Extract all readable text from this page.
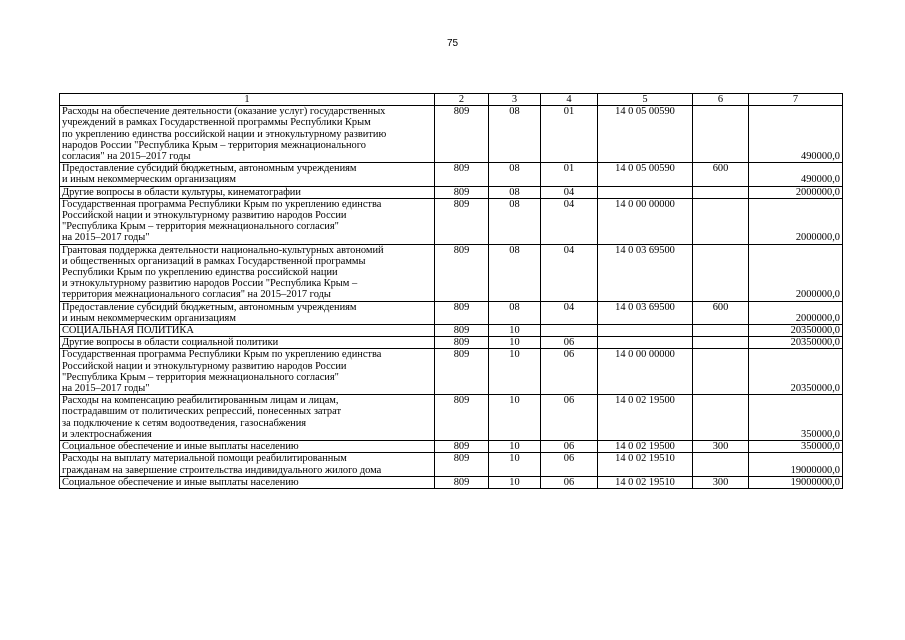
75
1	2	3	4	5	6	7

Расходы на обеспечение деятельности (оказание услуг) государственных
учреждений в рамках Государственной программы Республики Крым
по укреплению единства российской нации и этнокультурному развитию
народов России "Республика Крым – территория межнационального
согласия" на 2015–2017 годы	809	08	01	14 0 05 00590		490000,0

Предоставление субсидий бюджетным, автономным учреждениям
и иным некоммерческим организациям	809	08	01	14 0 05 00590	600	490000,0

Другие вопросы в области культуры, кинематографии	809	08	04			2000000,0

Государственная программа Республики Крым по укреплению единства
Российской нации и этнокультурному развитию народов России
"Республика Крым – территория межнационального согласия"
на 2015–2017 годы"	809	08	04	14 0 00 00000		2000000,0

Грантовая поддержка деятельности национально-культурных автономий
и общественных организаций в рамках Государственной программы
Республики Крым по укреплению единства российской нации
и этнокультурному развитию народов России "Республика Крым –
территория межнационального согласия" на 2015–2017 годы	809	08	04	14 0 03 69500		2000000,0

Предоставление субсидий бюджетным, автономным учреждениям
и иным некоммерческим организациям	809	08	04	14 0 03 69500	600	2000000,0

СОЦИАЛЬНАЯ ПОЛИТИКА	809	10				20350000,0

Другие вопросы в области социальной политики	809	10	06			20350000,0

Государственная программа Республики Крым по укреплению единства
Российской нации и этнокультурному развитию народов России
"Республика Крым – территория межнационального согласия"
на 2015–2017 годы"	809	10	06	14 0 00 00000		20350000,0

Расходы на компенсацию реабилитированным лицам и лицам,
пострадавшим от политических репрессий, понесенных затрат
за подключение к сетям водоотведения, газоснабжения
и электроснабжения	809	10	06	14 0 02 19500		350000,0

Социальное обеспечение и иные выплаты населению	809	10	06	14 0 02 19500	300	350000,0

Расходы на выплату материальной помощи реабилитированным
гражданам на завершение строительства индивидуального жилого дома	809	10	06	14 0 02 19510		19000000,0

Социальное обеспечение и иные выплаты населению	809	10	06	14 0 02 19510	300	19000000,0
